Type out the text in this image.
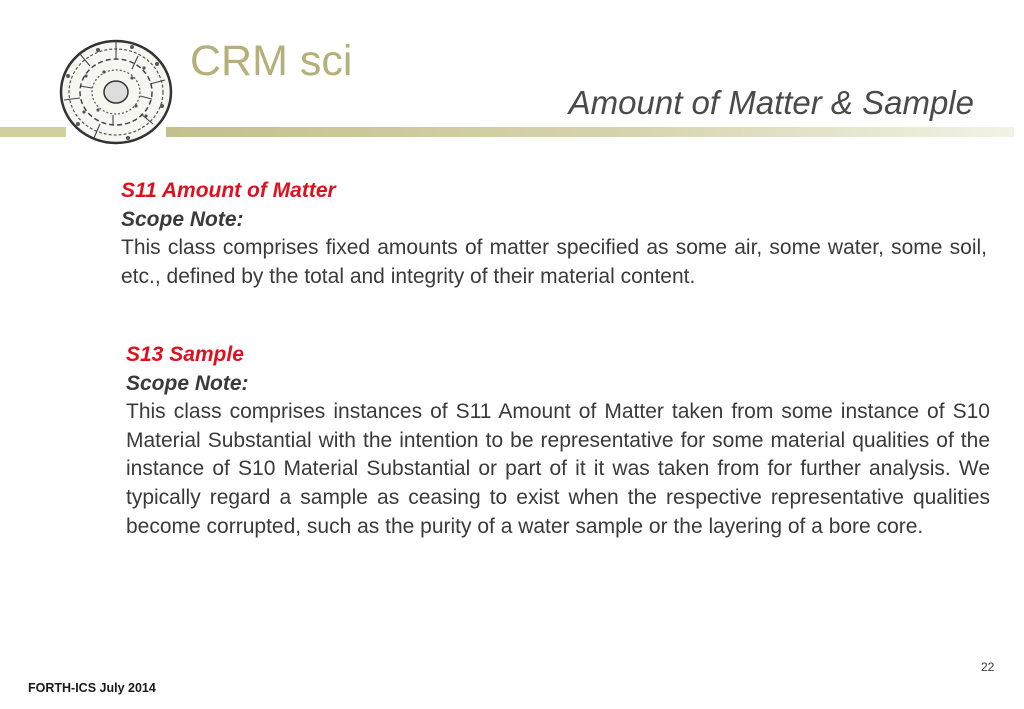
CRM sci
Amount of Matter & Sample
S11 Amount of Matter
Scope Note:
This class comprises fixed amounts of matter specified as some air, some water, some soil, etc., defined by the total and integrity of their material content.
S13 Sample
Scope Note:
This class comprises instances of S11 Amount of Matter taken from some instance of S10 Material Substantial with the intention to be representative for some material qualities of the instance of S10 Material Substantial or part of it it was taken from for further analysis. We typically regard a sample as ceasing to exist when the respective representative qualities become corrupted, such as the purity of a water sample or the layering of a bore core.
22
FORTH-ICS July 2014
